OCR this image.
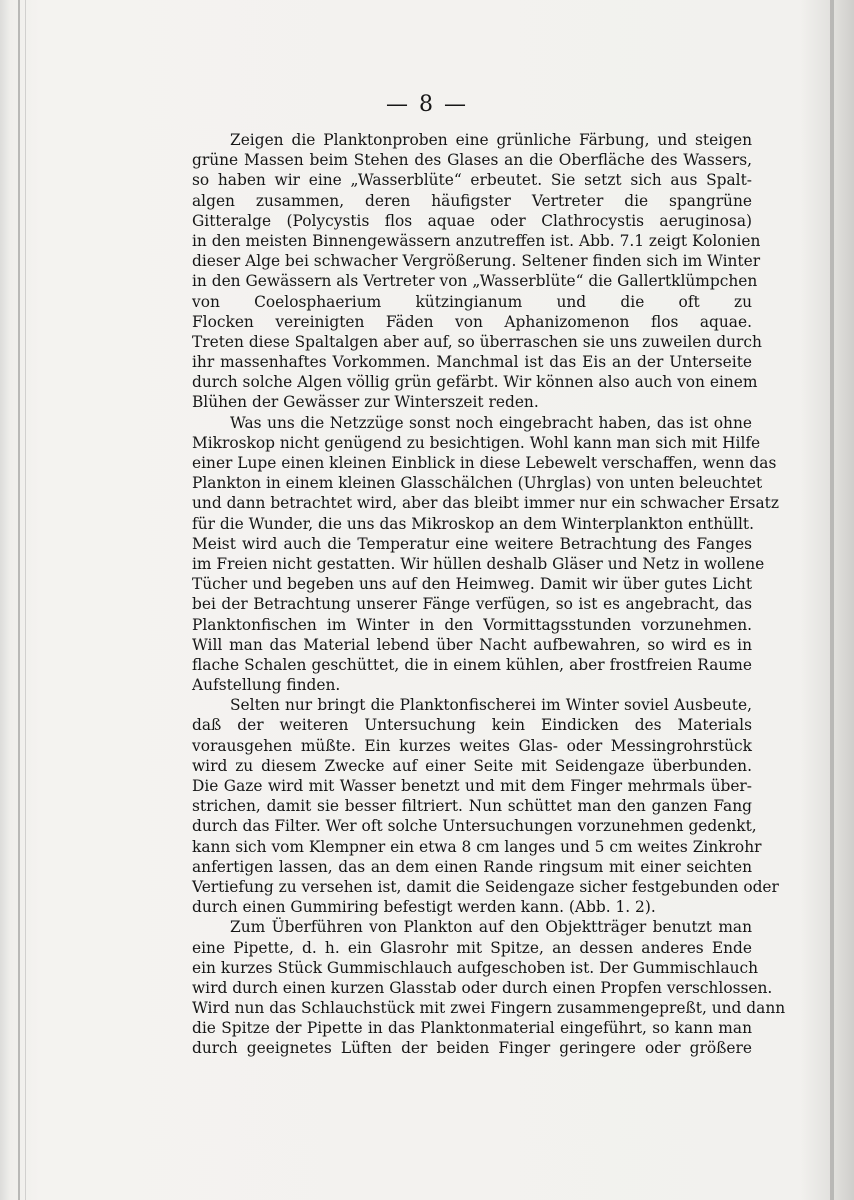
— 8 —
Zeigen die Planktonproben eine grünliche Färbung, und steigen
grüne Massen beim Stehen des Glases an die Oberfläche des Wassers,
so haben wir eine „Wasserblüte“ erbeutet. Sie setzt sich aus Spalt-
algen zusammen, deren häufigster Vertreter die spangrüne
Gitteralge (Polycystis flos aquae oder Clathrocystis aeruginosa)
in den meisten Binnengewässern anzutreffen ist. Abb. 7.1 zeigt Kolonien
dieser Alge bei schwacher Vergrößerung. Seltener finden sich im Winter
in den Gewässern als Vertreter von „Wasserblüte“ die Gallertklümpchen
von Coelosphaerium kützingianum und die oft zu
Flocken vereinigten Fäden von Aphanizomenon flos aquae.
Treten diese Spaltalgen aber auf, so überraschen sie uns zuweilen durch
ihr massenhaftes Vorkommen. Manchmal ist das Eis an der Unterseite
durch solche Algen völlig grün gefärbt. Wir können also auch von einem
Blühen der Gewässer zur Winterszeit reden.
Was uns die Netzzüge sonst noch eingebracht haben, das ist ohne
Mikroskop nicht genügend zu besichtigen. Wohl kann man sich mit Hilfe
einer Lupe einen kleinen Einblick in diese Lebewelt verschaffen, wenn das
Plankton in einem kleinen Glasschälchen (Uhrglas) von unten beleuchtet
und dann betrachtet wird, aber das bleibt immer nur ein schwacher Ersatz
für die Wunder, die uns das Mikroskop an dem Winterplankton enthüllt.
Meist wird auch die Temperatur eine weitere Betrachtung des Fanges
im Freien nicht gestatten. Wir hüllen deshalb Gläser und Netz in wollene
Tücher und begeben uns auf den Heimweg. Damit wir über gutes Licht
bei der Betrachtung unserer Fänge verfügen, so ist es angebracht, das
Planktonfischen im Winter in den Vormittagsstunden vorzunehmen.
Will man das Material lebend über Nacht aufbewahren, so wird es in
flache Schalen geschüttet, die in einem kühlen, aber frostfreien Raume
Aufstellung finden.
Selten nur bringt die Planktonfischerei im Winter soviel Ausbeute,
daß der weiteren Untersuchung kein Eindicken des Materials
vorausgehen müßte. Ein kurzes weites Glas- oder Messingrohrstück
wird zu diesem Zwecke auf einer Seite mit Seidengaze überbunden.
Die Gaze wird mit Wasser benetzt und mit dem Finger mehrmals über-
strichen, damit sie besser filtriert. Nun schüttet man den ganzen Fang
durch das Filter. Wer oft solche Untersuchungen vorzunehmen gedenkt,
kann sich vom Klempner ein etwa 8 cm langes und 5 cm weites Zinkrohr
anfertigen lassen, das an dem einen Rande ringsum mit einer seichten
Vertiefung zu versehen ist, damit die Seidengaze sicher festgebunden oder
durch einen Gummiring befestigt werden kann. (Abb. 1. 2).
Zum Überführen von Plankton auf den Objektträger benutzt man
eine Pipette, d. h. ein Glasrohr mit Spitze, an dessen anderes Ende
ein kurzes Stück Gummischlauch aufgeschoben ist. Der Gummischlauch
wird durch einen kurzen Glasstab oder durch einen Propfen verschlossen.
Wird nun das Schlauchstück mit zwei Fingern zusammengepreßt, und dann
die Spitze der Pipette in das Planktonmaterial eingeführt, so kann man
durch geeignetes Lüften der beiden Finger geringere oder größere
